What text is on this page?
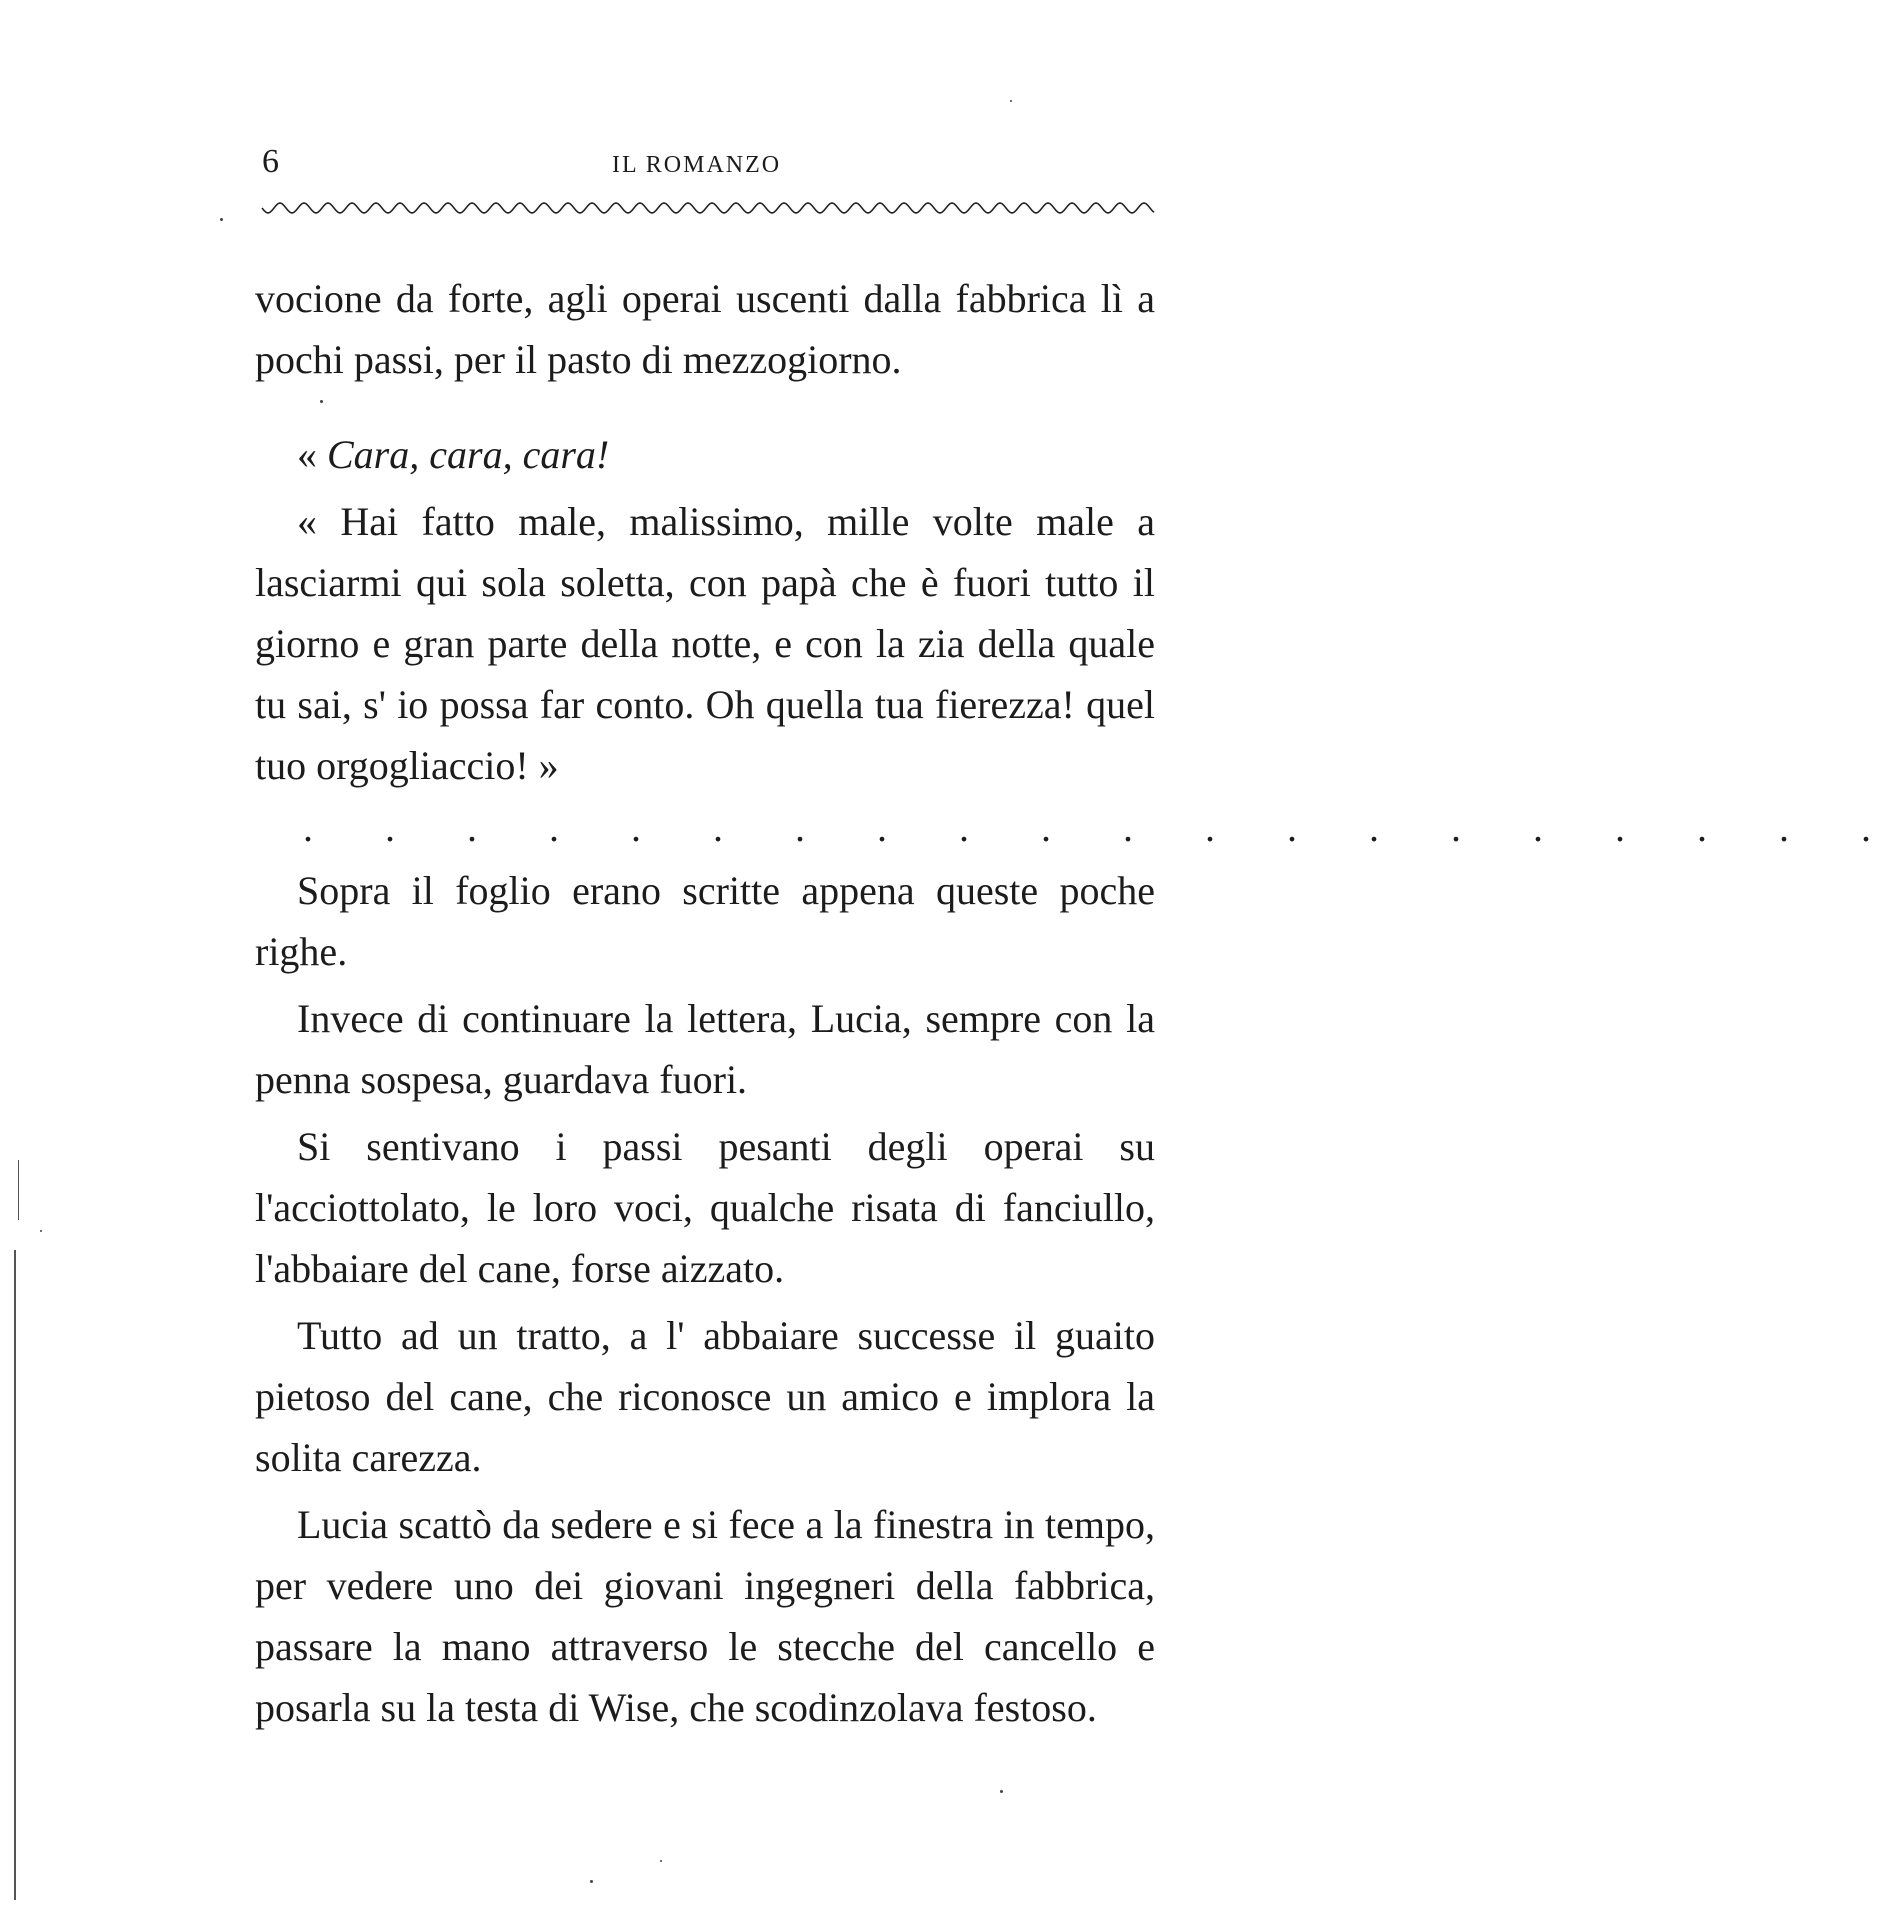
6	IL ROMANZO

vocione da forte, agli operai uscenti dalla fabbrica lì a pochi passi, per il pasto di mezzogiorno.

« Cara, cara, cara!

« Hai fatto male, malissimo, mille volte male a lasciarmi qui sola soletta, con papà che è fuori tutto il giorno e gran parte della notte, e con la zia della quale tu sai, s' io possa far conto. Oh quella tua fierezza! quel tuo orgogliaccio! »

. . . . . . . . . . . . . . . . . . . .

Sopra il foglio erano scritte appena queste poche righe.

Invece di continuare la lettera, Lucia, sempre con la penna sospesa, guardava fuori.

Si sentivano i passi pesanti degli operai su l'acciottolato, le loro voci, qualche risata di fanciullo, l'abbaiare del cane, forse aizzato.

Tutto ad un tratto, a l' abbaiare successe il guaito pietoso del cane, che riconosce un amico e implora la solita carezza.

Lucia scattò da sedere e si fece a la finestra in tempo, per vedere uno dei giovani ingegneri della fabbrica, passare la mano attraverso le stecche del cancello e posarla su la testa di Wise, che scodinzolava festoso.
